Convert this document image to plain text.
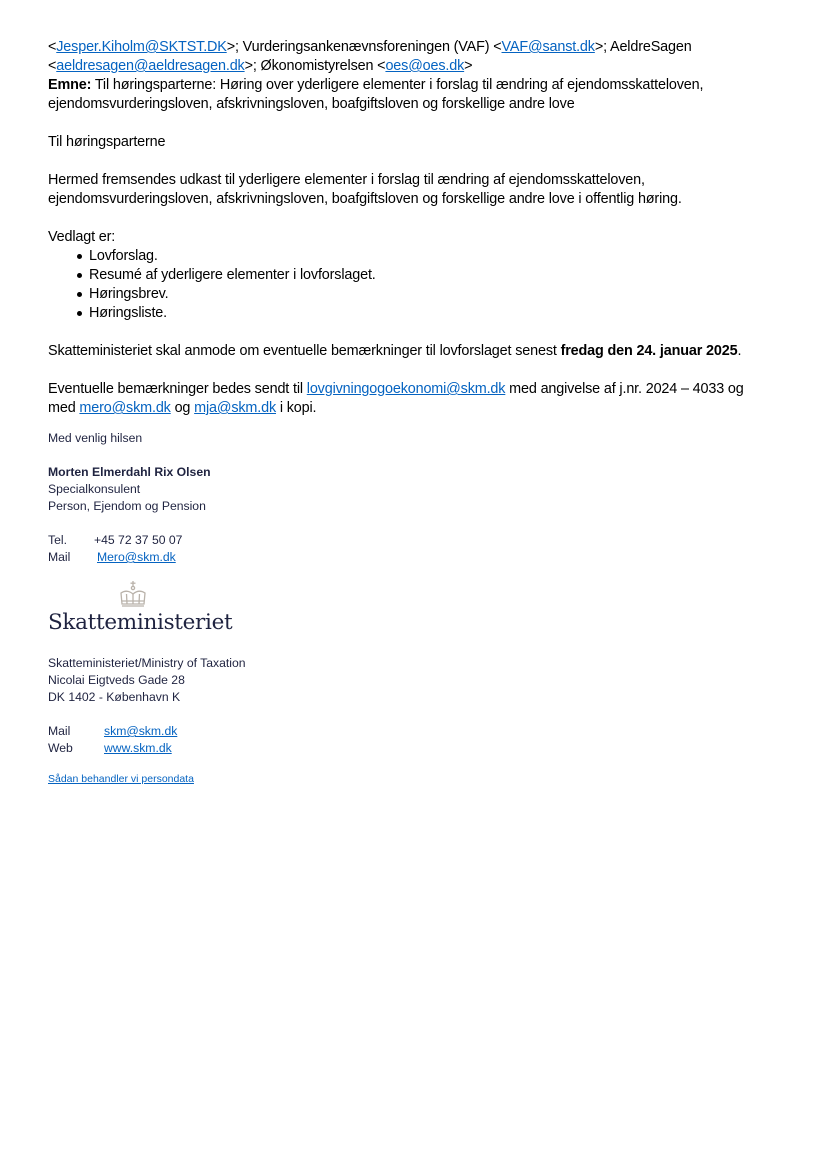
<Jesper.Kiholm@SKTST.DK>; Vurderingsankenævnsforeningen (VAF) <VAF@sanst.dk>; AeldreSagen
<aeldresagen@aeldresagen.dk>; Økonomistyrelsen <oes@oes.dk>
Emne: Til høringsparterne: Høring over yderligere elementer i forslag til ændring af ejendomsskatteloven, ejendomsvurderingsloven, afskrivningsloven, boafgiftsloven og forskellige andre love
Til høringsparterne
Hermed fremsendes udkast til yderligere elementer i forslag til ændring af ejendomsskatteloven, ejendomsvurderingsloven, afskrivningsloven, boafgiftsloven og forskellige andre love i offentlig høring.
Vedlagt er:
Lovforslag.
Resumé af yderligere elementer i lovforslaget.
Høringsbrev.
Høringsliste.
Skatteministeriet skal anmode om eventuelle bemærkninger til lovforslaget senest fredag den 24. januar 2025.
Eventuelle bemærkninger bedes sendt til lovgivningogoekonomi@skm.dk med angivelse af j.nr. 2024 – 4033 og med mero@skm.dk og mja@skm.dk i kopi.
Med venlig hilsen
Morten Elmerdahl Rix Olsen
Specialkonsulent
Person, Ejendom og Pension
Tel.	+45 72 37 50 07
Mail	Mero@skm.dk
Skatteministeriet
Skatteministeriet/Ministry of Taxation
Nicolai Eigtveds Gade 28
DK 1402 - København K
Mail	skm@skm.dk
Web	www.skm.dk
Sådan behandler vi persondata
